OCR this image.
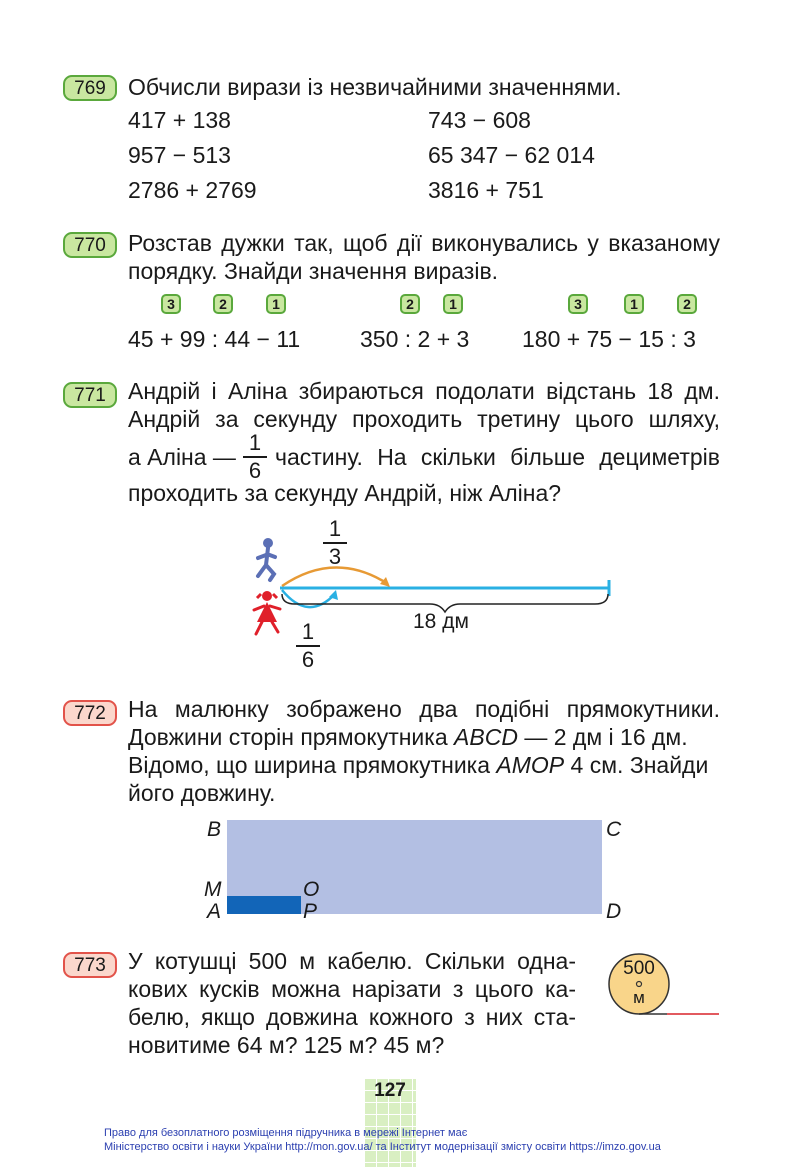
769 Обчисли вирази із незвичайними значеннями.
417 + 138	743 − 608
957 − 513	65 347 − 62 014
2786 + 2769	3816 + 751
770 Розстав дужки так, щоб дії виконувались у вказаному
порядку. Знайди значення виразів.
3	2	1
45 + 99 : 44 − 11
2	1
350 : 2 + 3
3	1	2
180 + 75 − 15 : 3
771 Андрій і Аліна збираються подолати відстань 18 дм.
Андрій за секунду проходить третину цього шляху,
а Аліна —
1
6
частину. На скільки більше дециметрів
проходить за секунду Андрій, ніж Аліна?
1
3
1
6
18 дм
772 На малюнку зображено два подібні прямокутники.
Довжини сторін прямокутника ABCD — 2 дм і 16 дм.
Відомо, що ширина прямокутника AMOP 4 см. Знайди
його довжину.
B	C
M	O
A	P	D
773 У котушці 500 м кабелю. Скільки одна-
кових кусків можна нарізати з цього ка-
белю, якщо довжина кожного з них ста-
новитиме 64 м? 125 м? 45 м?
500
м
127
Право для безоплатного розміщення підручника в мережі Інтернет має
Міністерство освіти і науки України http://mon.gov.ua/ та Інститут модернізації змісту освіти https://imzo.gov.ua
